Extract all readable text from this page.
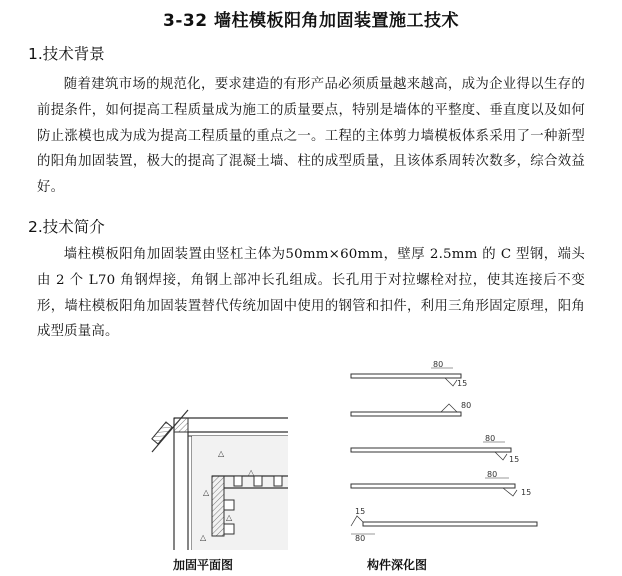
3-32 墙柱模板阳角加固装置施工技术
1.技术背景
随着建筑市场的规范化，要求建造的有形产品必须质量越来越高，成为企业得以生存的前提条件，如何提高工程质量成为施工的质量要点，特别是墙体的平整度、垂直度以及如何防止涨模也成为成为提高工程质量的重点之一。工程的主体剪力墙模板体系采用了一种新型的阳角加固装置，极大的提高了混凝土墙、柱的成型质量，且该体系周转次数多，综合效益好。
2.技术简介
墙柱模板阳角加固装置由竖杠主体为50mm×60mm，壁厚 2.5mm 的 C 型钢，端头由 2 个 L70 角钢焊接，角钢上部冲长孔组成。长孔用于对拉螺栓对拉，使其连接后不变形，墙柱模板阳角加固装置替代传统加固中使用的钢管和扣件，利用三角形固定原理，阳角成型质量高。
△
△
△
△
△
加固平面图
80
15
80
80
15
80
15
15
80
构件深化图
